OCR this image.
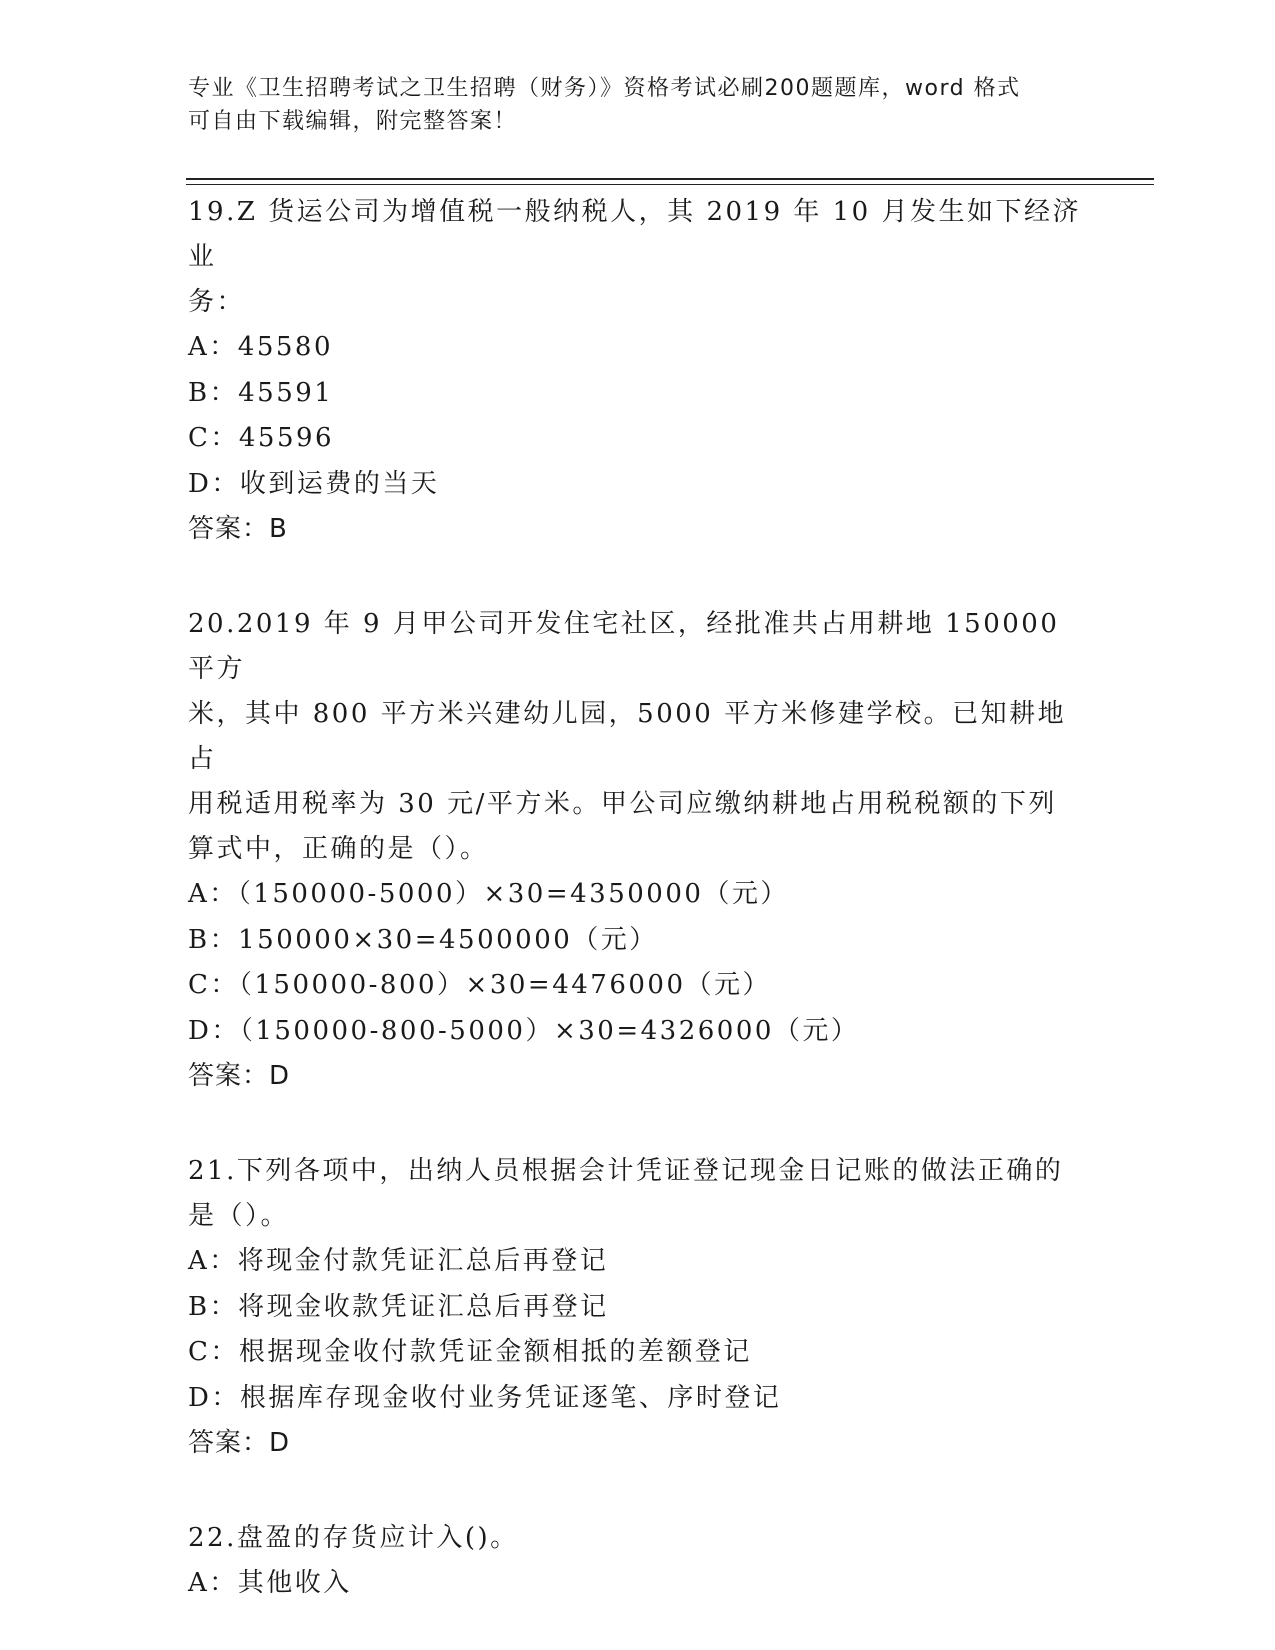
专业《卫生招聘考试之卫生招聘（财务）》资格考试必刷200题题库，word 格式
可自由下载编辑，附完整答案！
19.Z 货运公司为增值税一般纳税人，其 2019 年 10 月发生如下经济业
务：
A：45580
B：45591
C：45596
D：收到运费的当天
答案：B
20.2019 年 9 月甲公司开发住宅社区，经批准共占用耕地 150000 平方
米，其中 800 平方米兴建幼儿园，5000 平方米修建学校。已知耕地占
用税适用税率为 30 元/平方米。甲公司应缴纳耕地占用税税额的下列
算式中，正确的是（）。
A：（150000-5000）×30=4350000（元）
B：150000×30=4500000（元）
C：（150000-800）×30=4476000（元）
D：（150000-800-5000）×30=4326000（元）
答案：D
21.下列各项中，出纳人员根据会计凭证登记现金日记账的做法正确的
是（）。
A：将现金付款凭证汇总后再登记
B：将现金收款凭证汇总后再登记
C：根据现金收付款凭证金额相抵的差额登记
D：根据库存现金收付业务凭证逐笔、序时登记
答案：D
22.盘盈的存货应计入()。
A：其他收入
